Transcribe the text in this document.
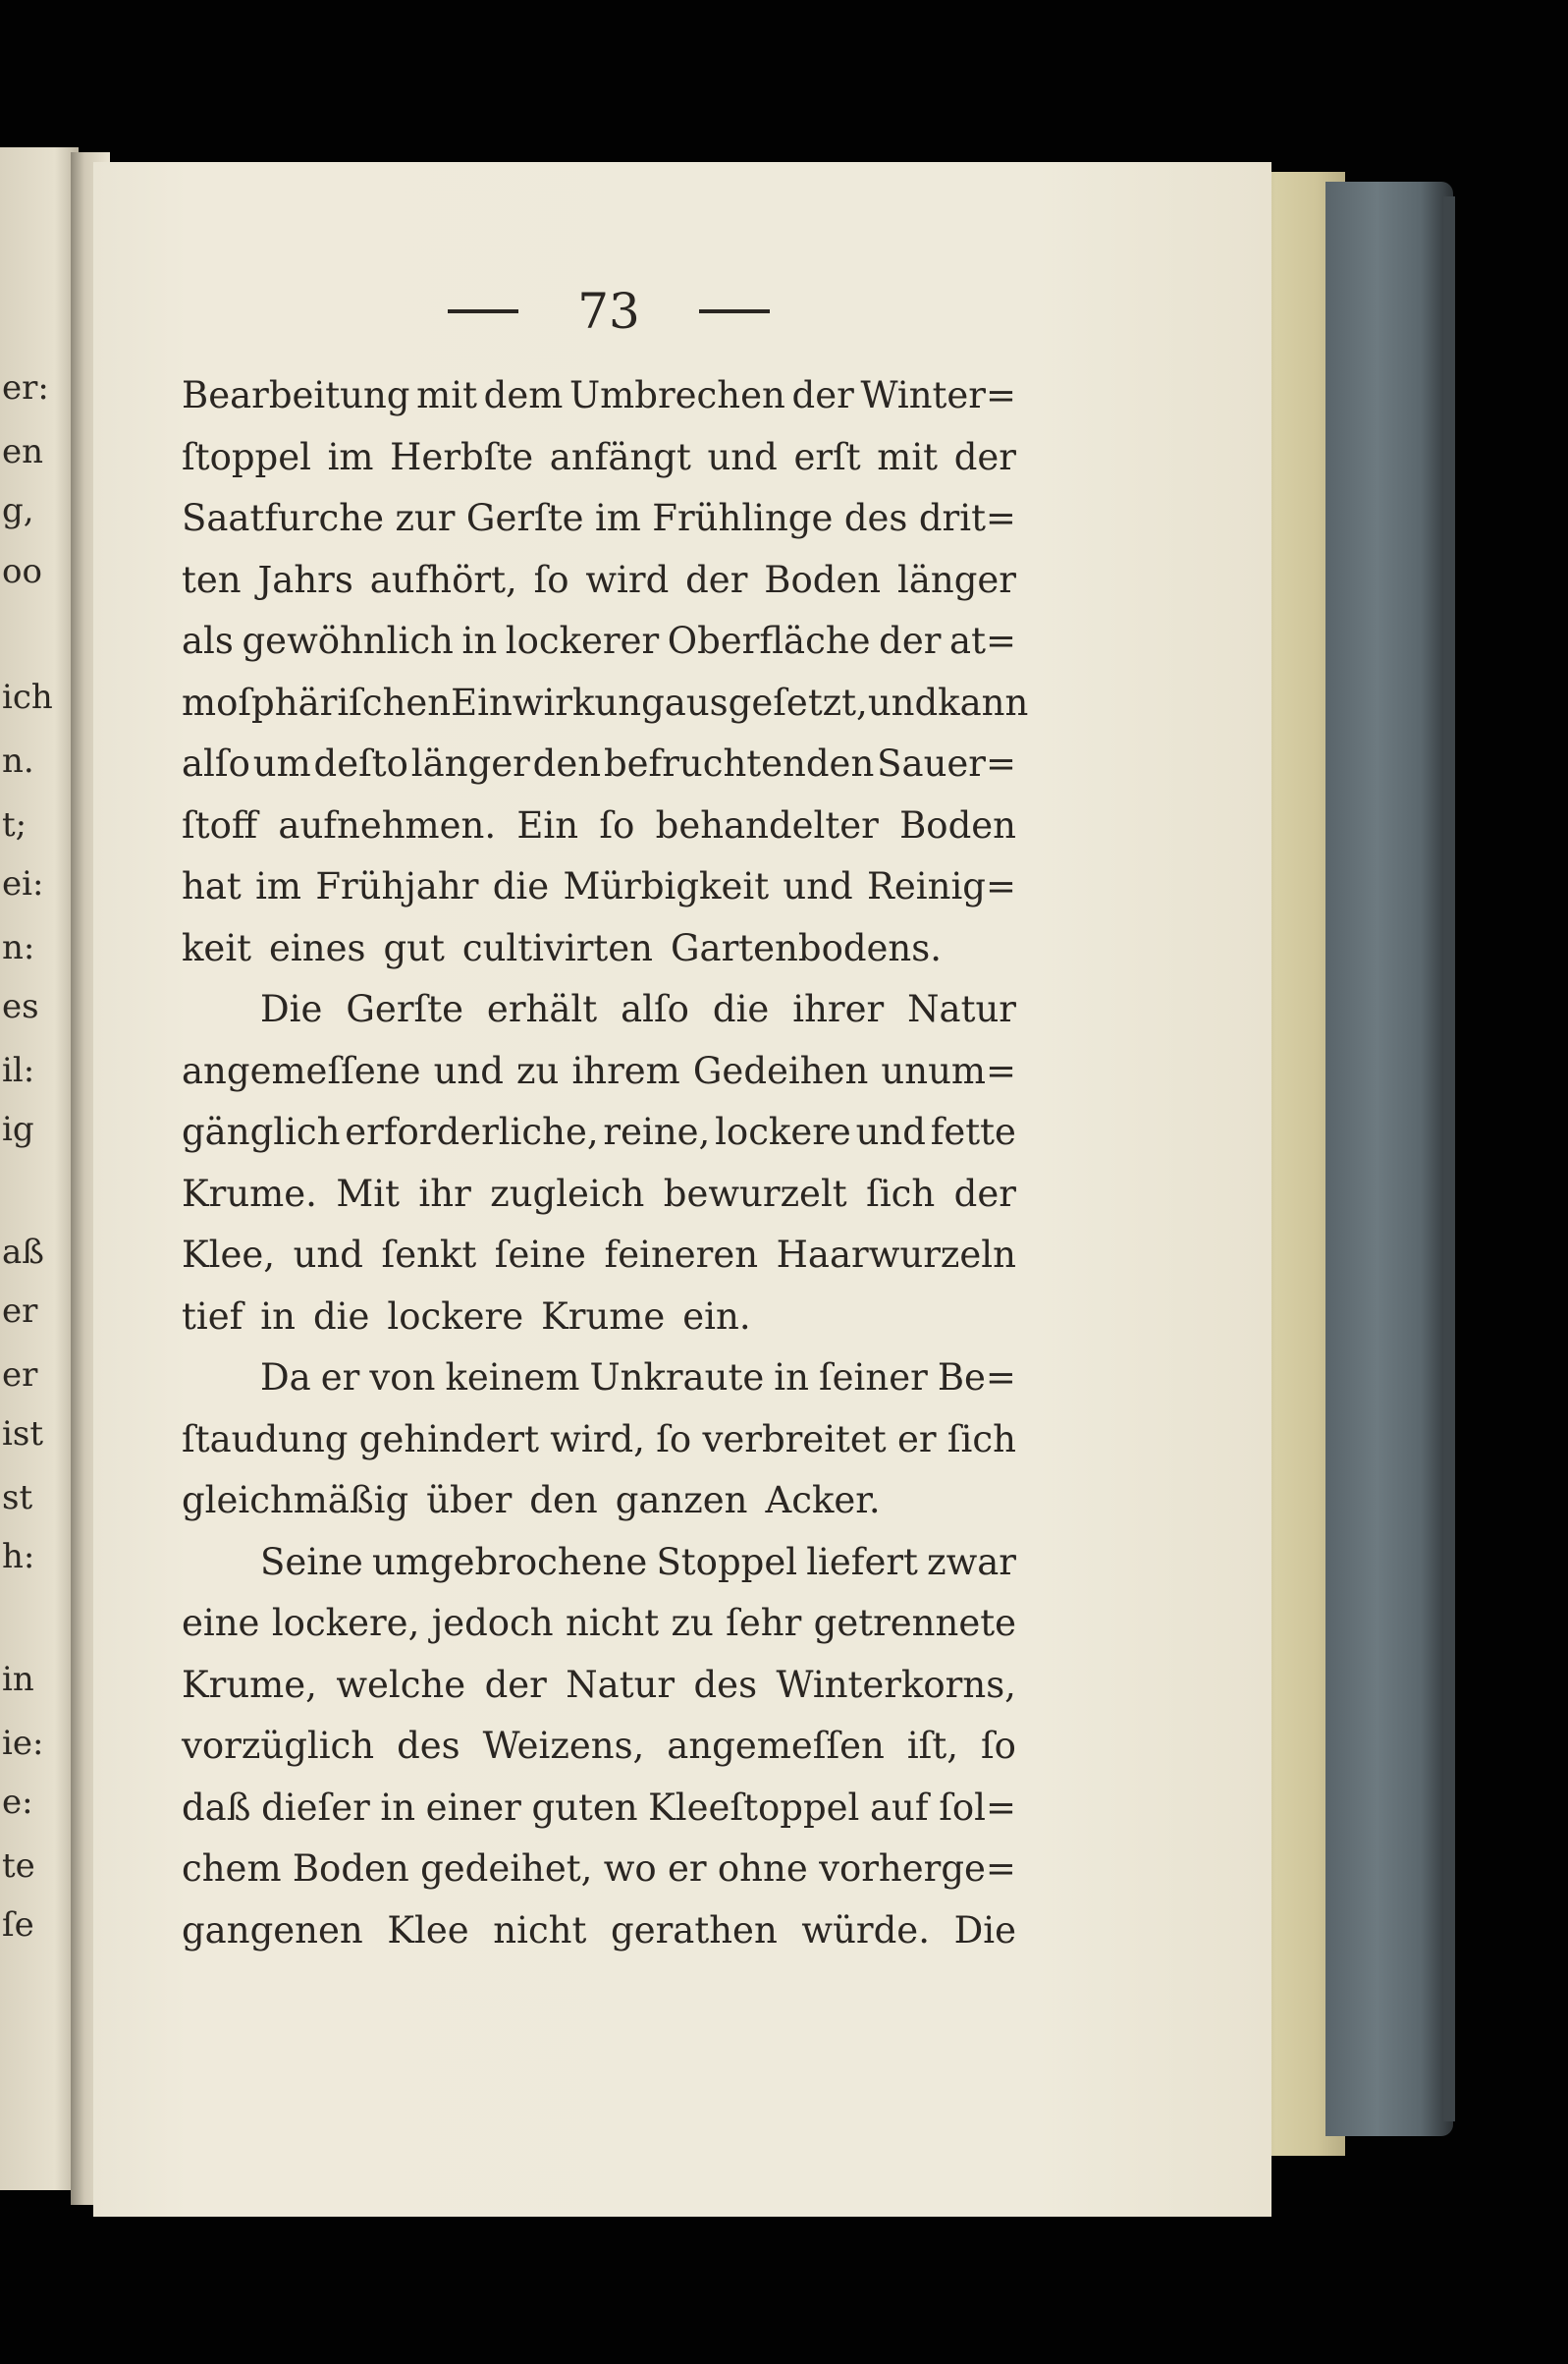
er:
en
g,
oo
ich
n.
t;
ei:
n:
es
il:
ig
aß
er
er
ist
st
h:
in
ie:
e:
te
ſe
73
Bearbeitung mit dem Umbrechen der Winter=
ſtoppel im Herbſte anfängt und erſt mit der
Saatfurche zur Gerſte im Frühlinge des drit=
ten Jahrs aufhört, ſo wird der Boden länger
als gewöhnlich in lockerer Oberfläche der at=
moſphäriſchen Einwirkung ausgeſetzt, und kann
alſo um deſto länger den befruchtenden Sauer=
ſtoff aufnehmen. Ein ſo behandelter Boden
hat im Frühjahr die Mürbigkeit und Reinig=
keit eines gut cultivirten Gartenbodens.
Die Gerſte erhält alſo die ihrer Natur
angemeſſene und zu ihrem Gedeihen unum=
gänglich erforderliche, reine, lockere und fette
Krume. Mit ihr zugleich bewurzelt ſich der
Klee, und ſenkt ſeine feineren Haarwurzeln
tief in die lockere Krume ein.
Da er von keinem Unkraute in ſeiner Be=
ſtaudung gehindert wird, ſo verbreitet er ſich
gleichmäßig über den ganzen Acker.
Seine umgebrochene Stoppel liefert zwar
eine lockere, jedoch nicht zu ſehr getrennete
Krume, welche der Natur des Winterkorns,
vorzüglich des Weizens, angemeſſen iſt, ſo
daß dieſer in einer guten Kleeſtoppel auf ſol=
chem Boden gedeihet, wo er ohne vorherge=
gangenen Klee nicht gerathen würde. Die
